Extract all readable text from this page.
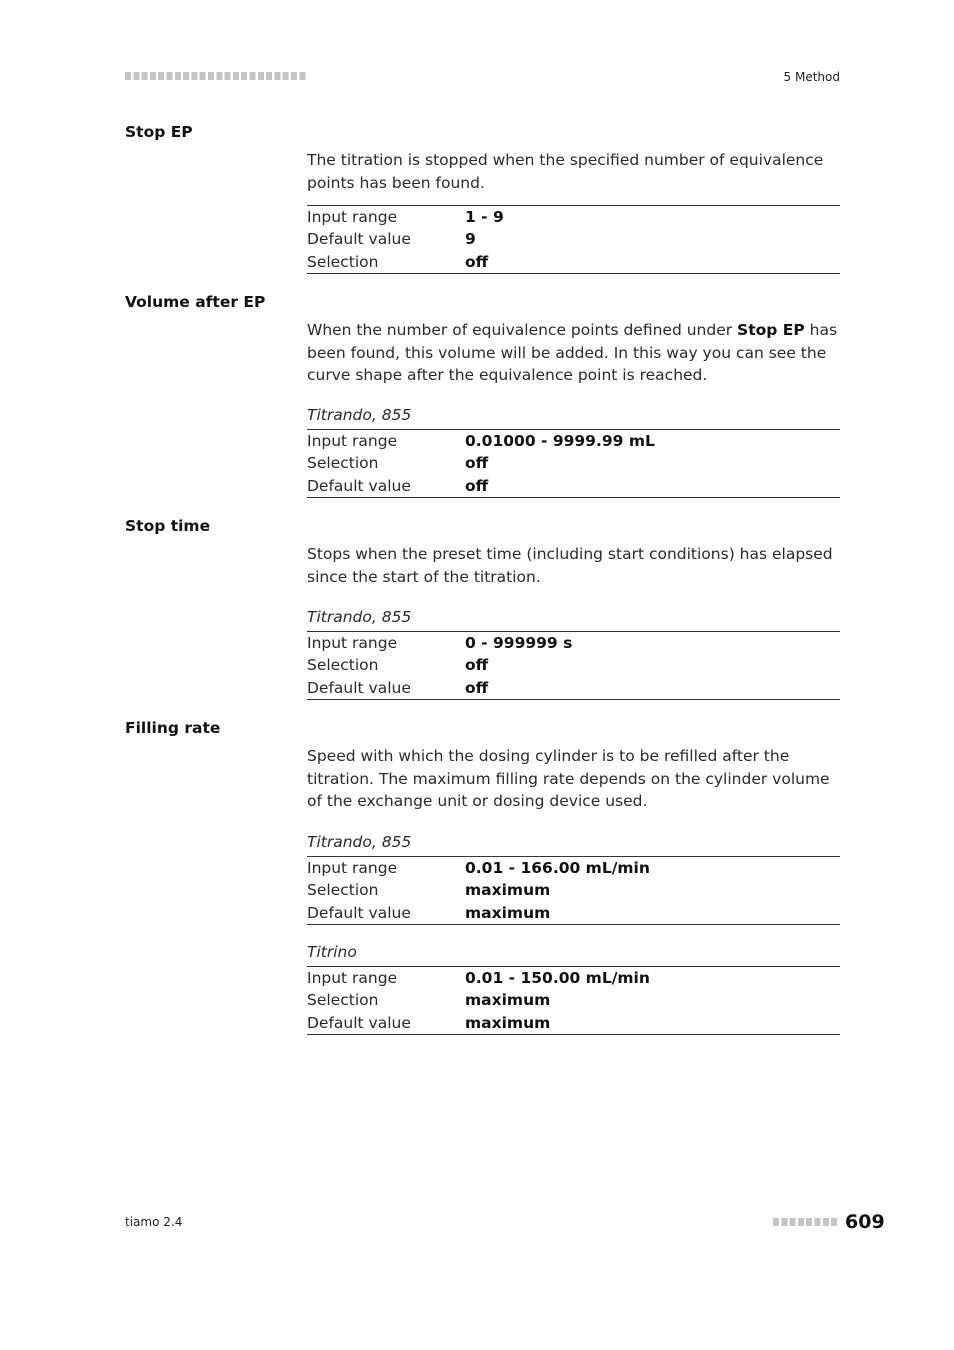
5 Method
Stop EP

The titration is stopped when the specified number of equivalence points has been found.

Input range	1 - 9
Default value	9
Selection	off
Volume after EP

When the number of equivalence points defined under Stop EP has been found, this volume will be added. In this way you can see the curve shape after the equivalence point is reached.

Titrando, 855
Input range	0.01000 - 9999.99 mL
Selection	off
Default value	off
Stop time

Stops when the preset time (including start conditions) has elapsed since the start of the titration.

Titrando, 855
Input range	0 - 999999 s
Selection	off
Default value	off
Filling rate

Speed with which the dosing cylinder is to be refilled after the titration. The maximum filling rate depends on the cylinder volume of the exchange unit or dosing device used.

Titrando, 855
Input range	0.01 - 166.00 mL/min
Selection	maximum
Default value	maximum
Titrino
Input range	0.01 - 150.00 mL/min
Selection	maximum
Default value	maximum
tiamo 2.4	609
